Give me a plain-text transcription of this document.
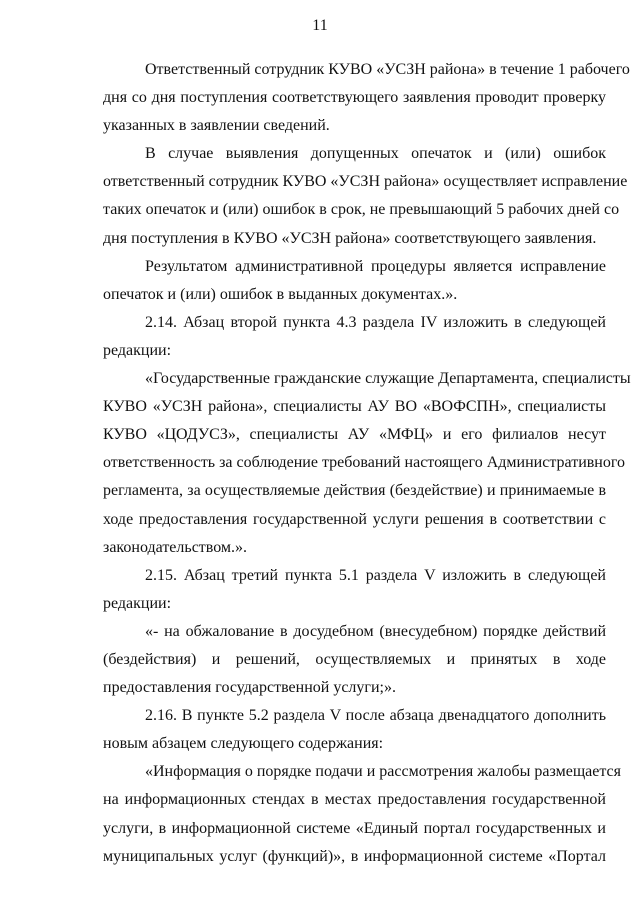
11
Ответственный сотрудник КУВО «УСЗН района» в течение 1 рабочего
дня со дня поступления соответствующего заявления проводит проверку
указанных в заявлении сведений.
В случае выявления допущенных опечаток и (или) ошибок
ответственный сотрудник КУВО «УСЗН района» осуществляет исправление
таких опечаток и (или) ошибок в срок, не превышающий 5 рабочих дней со
дня поступления в КУВО «УСЗН района» соответствующего заявления.
Результатом административной процедуры является исправление
опечаток и (или) ошибок в выданных документах.».
2.14. Абзац второй пункта 4.3 раздела IV изложить в следующей
редакции:
«Государственные гражданские служащие Департамента, специалисты
КУВО «УСЗН района», специалисты АУ ВО «ВОФСПН», специалисты
КУВО «ЦОДУСЗ», специалисты АУ «МФЦ» и его филиалов несут
ответственность за соблюдение требований настоящего Административного
регламента, за осуществляемые действия (бездействие) и принимаемые в
ходе предоставления государственной услуги решения в соответствии с
законодательством.».
2.15. Абзац третий пункта 5.1 раздела V изложить в следующей
редакции:
«- на обжалование в досудебном (внесудебном) порядке действий
(бездействия) и решений, осуществляемых и принятых в ходе
предоставления государственной услуги;».
2.16. В пункте 5.2 раздела V после абзаца двенадцатого дополнить
новым абзацем следующего содержания:
«Информация о порядке подачи и рассмотрения жалобы размещается
на информационных стендах в местах предоставления государственной
услуги, в информационной системе «Единый портал государственных и
муниципальных услуг (функций)», в информационной системе «Портал
